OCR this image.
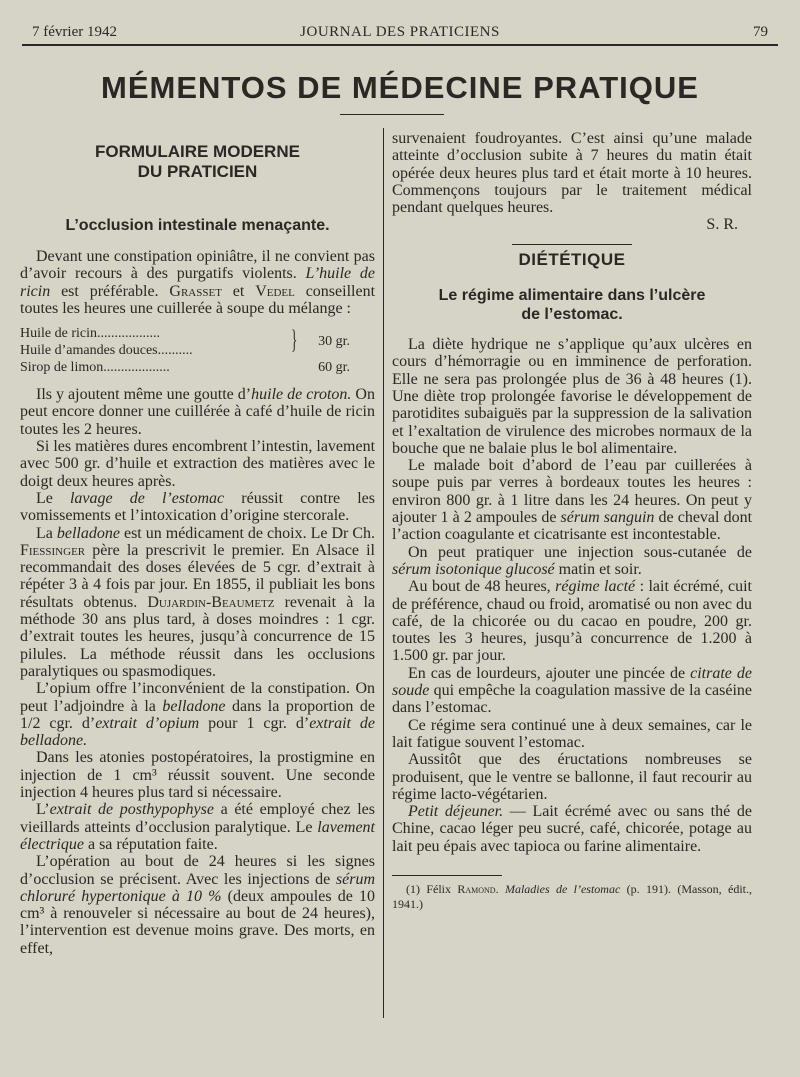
7 février 1942	JOURNAL DES PRATICIENS	79
MÉMENTOS DE MÉDECINE PRATIQUE
FORMULAIRE MODERNE
DU PRATICIEN
L’occlusion intestinale menaçante.

Devant une constipation opiniâtre, il ne convient pas d’avoir recours à des purgatifs violents. L’huile de ricin est préférable. Grasset et Vedel conseillent toutes les heures une cuillerée à soupe du mélange :

Huile de ricin..................
Huile d’amandes douces..........	} 30 gr.
Sirop de limon...................	60 gr.

Ils y ajoutent même une goutte d’huile de croton. On peut encore donner une cuillérée à café d’huile de ricin toutes les 2 heures.

Si les matières dures encombrent l’intestin, lavement avec 500 gr. d’huile et extraction des matières avec le doigt deux heures après.

Le lavage de l’estomac réussit contre les vomissements et l’intoxication d’origine stercorale.

La belladone est un médicament de choix. Le Dr Ch. Fiessinger père la prescrivit le premier. En Alsace il recommandait des doses élevées de 5 cgr. d’extrait à répéter 3 à 4 fois par jour. En 1855, il publiait les bons résultats obtenus. Dujardin-Beaumetz revenait à la méthode 30 ans plus tard, à doses moindres : 1 cgr. d’extrait toutes les heures, jusqu’à concurrence de 15 pilules. La méthode réussit dans les occlusions paralytiques ou spasmodiques.

L’opium offre l’inconvénient de la constipation. On peut l’adjoindre à la belladone dans la proportion de 1/2 cgr. d’extrait d’opium pour 1 cgr. d’extrait de belladone.

Dans les atonies postopératoires, la prostigmine en injection de 1 cm³ réussit souvent. Une seconde injection 4 heures plus tard si nécessaire.

L’extrait de posthypophyse a été employé chez les vieillards atteints d’occlusion paralytique. Le lavement électrique a sa réputation faite.

L’opération au bout de 24 heures si les signes d’occlusion se précisent. Avec les injections de sérum chloruré hypertonique à 10 % (deux ampoules de 10 cm³ à renouveler si nécessaire au bout de 24 heures), l’intervention est devenue moins grave. Des morts, en effet,

survenaient foudroyantes. C’est ainsi qu’une malade atteinte d’occlusion subite à 7 heures du matin était opérée deux heures plus tard et était morte à 10 heures. Commençons toujours par le traitement médical pendant quelques heures.

S. R.
DIÉTÉTIQUE
Le régime alimentaire dans l’ulcère
de l’estomac.

La diète hydrique ne s’applique qu’aux ulcères en cours d’hémorragie ou en imminence de perforation. Elle ne sera pas prolongée plus de 36 à 48 heures (1). Une diète trop prolongée favorise le développement de parotidites subaiguës par la suppression de la salivation et l’exaltation de virulence des microbes normaux de la bouche que ne balaie plus le bol alimentaire.

Le malade boit d’abord de l’eau par cuillerées à soupe puis par verres à bordeaux toutes les heures : environ 800 gr. à 1 litre dans les 24 heures. On peut y ajouter 1 à 2 ampoules de sérum sanguin de cheval dont l’action coagulante et cicatrisante est incontestable.

On peut pratiquer une injection sous-cutanée de sérum isotonique glucosé matin et soir.

Au bout de 48 heures, régime lacté : lait écrémé, cuit de préférence, chaud ou froid, aromatisé ou non avec du café, de la chicorée ou du cacao en poudre, 200 gr. toutes les 3 heures, jusqu’à concurrence de 1.200 à 1.500 gr. par jour.

En cas de lourdeurs, ajouter une pincée de citrate de soude qui empêche la coagulation massive de la caséine dans l’estomac.

Ce régime sera continué une à deux semaines, car le lait fatigue souvent l’estomac.

Aussitôt que des éructations nombreuses se produisent, que le ventre se ballonne, il faut recourir au régime lacto-végétarien.

Petit déjeuner. — Lait écrémé avec ou sans thé de Chine, cacao léger peu sucré, café, chicorée, potage au lait peu épais avec tapioca ou farine alimentaire.

(1) Félix Ramond. Maladies de l’estomac (p. 191). (Masson, édit., 1941.)
